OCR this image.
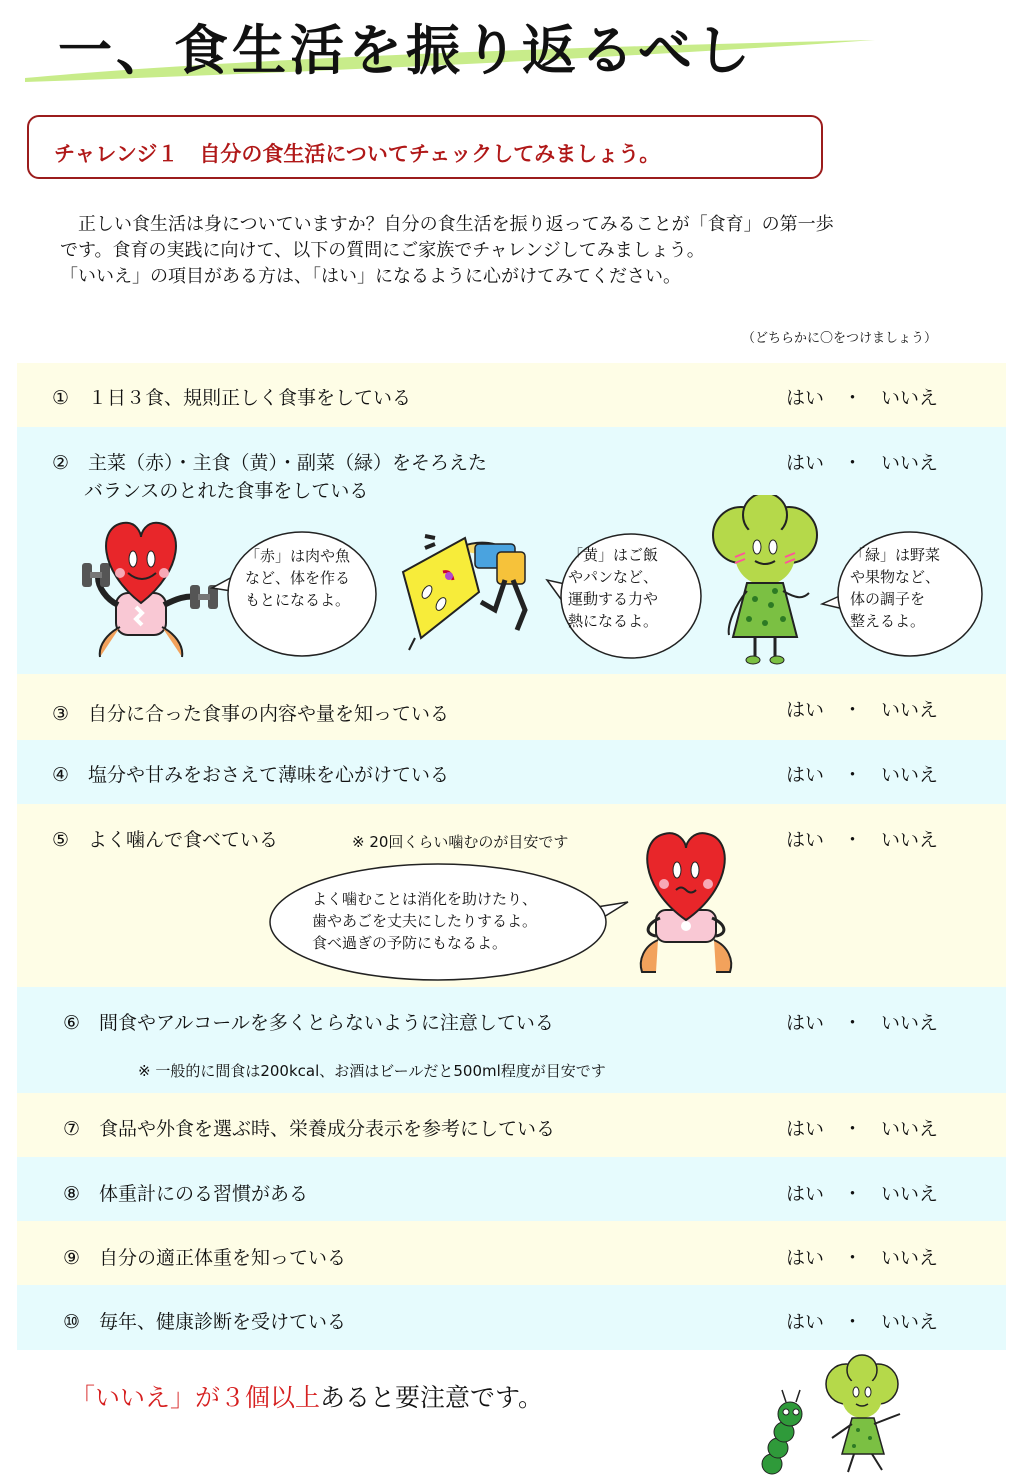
一、食生活を振り返るべし
チャレンジ１　自分の食生活についてチェックしてみましょう。

　正しい食生活は身についていますか？自分の食生活を振り返ってみることが「食育」の第一歩

です。食育の実践に向けて、以下の質問にご家族でチャレンジしてみましょう。

「いいえ」の項目がある方は、「はい」になるように心がけてみてください。

（どちらかに〇をつけましょう）
①　１日３食、規則正しく食事をしている
②　主菜（赤）・主食（黄）・副菜（緑）をそろえた
バランスのとれた食事をしている
③　自分に合った食事の内容や量を知っている
④　塩分や甘みをおさえて薄味を心がけている
⑤　よく噛んで食べている	※ 20回くらい噛むのが目安です
⑥　間食やアルコールを多くとらないように注意している
※ 一般的に間食は200kcal、お酒はビールだと500ml程度が目安です
⑦　食品や外食を選ぶ時、栄養成分表示を参考にしている
⑧　体重計にのる習慣がある
⑨　自分の適正体重を知っている
⑩　毎年、健康診断を受けている
はい　・　いいえ
はい　・　いいえ
はい　・　いいえ
はい　・　いいえ
はい　・　いいえ
はい　・　いいえ
はい　・　いいえ
はい　・　いいえ
はい　・　いいえ
はい　・　いいえ
「赤」は肉や魚
など、体を作る
もとになるよ。
「黄」はご飯
やパンなど、
運動する力や
熱になるよ。
「緑」は野菜
や果物など、
体の調子を
整えるよ。
よく噛むことは消化を助けたり、
歯やあごを丈夫にしたりするよ。
食べ過ぎの予防にもなるよ。
「いいえ」が３個以上あると要注意です。
